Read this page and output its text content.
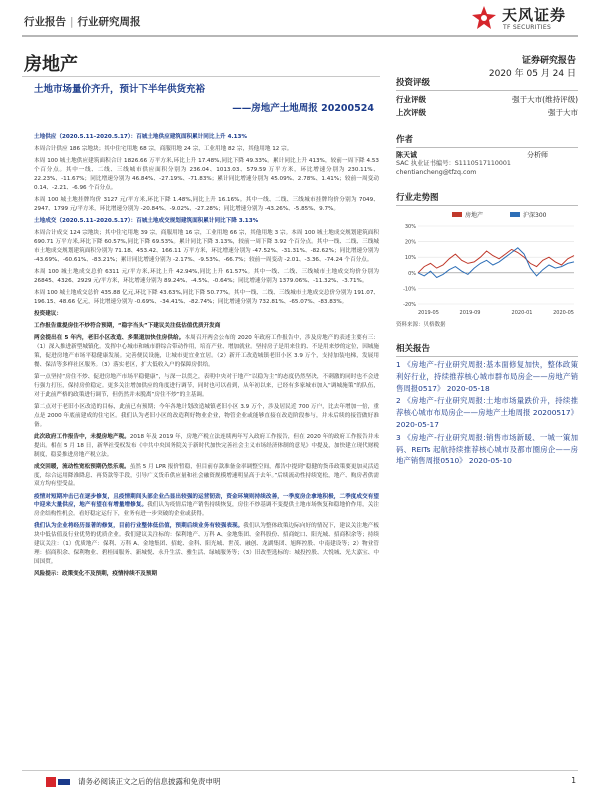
行业报告 | 行业研究周报	天风证券
TF SECURITIES
房地产	证券研究报告
2020 年 05 月 24 日
土地市场量价齐升，预计下半年供货充裕
——房地产土地周报 20200524

土地供应（2020.5.11–2020.5.17）：百城土地供应建筑面积累计同比上升 4.13%

本周合计供应 186 宗地块；其中住宅用地 68 宗，商服用地 24 宗，工业用地 82 宗，其他用地 12 宗。

本周 100 城土地供应建筑面积合计 1826.66 万平方米,环比上升 17.48%,同比下降 49.33%。累计同比上升 413%，较前一周下降 4.53 个百分点。其中一线、二线、三线城市供应面积分别为 236.04、1013.03、579.59 万平方米，环比增速分别为 230.11%、22.23%、-11.67%；同比增速分别为 46.84%、-27.19%、-71.83%；累计同比增速分别为 45.09%、2.78%、1.41%；较前一周变动 0.14、-2.21、-6.96 个百分点。

本周 100 城土地挂牌均价 3127 元/平方米,环比下降 1.48%,同比上升 16.16%。其中一线、二线、三线城市挂牌均价分别为 7049、2947、1799 元/平方米，环比增速分别为 -20.84%、-9.02%、-27.28%；同比增速分别为 -43.26%、-5.85%、9.7%。

土地成交（2020.5.11–2020.5.17）：百城土地成交规划建筑面积累计同比下降 3.13%

本周合计成交 124 宗地块；其中住宅用地 39 宗，商服用地 16 宗，工业用地 66 宗，其他用地 3 宗。本周 100 城土地成交规划建筑面积 690.71 万平方米,环比下降 60.57%,同比下降 69.53%。累计同比下降 3.13%，较前一周下降 3.92 个百分点。其中一线、二线、三线城市土地成交规划建筑面积分别为 71.18、453.42、166.11 万平方米，环比增速分别为 -47.52%、-31.31%、-82.62%；同比增速分别为 -43.69%、-60.61%、-83.21%；累计同比增速分别为 -2.17%、-9.53%、-66.7%；较前一周变动 -2.01、-3.36、-74.24 个百分点。

本周 100 城土地成交总价 6311 元/平方米,环比上升 42.94%,同比上升 61.57%。其中一线、二线、三线城市土地成交均价分别为 26845、4326、2929 元/平方米，环比增速分别为 89.24%、-4.5%、-0.64%；同比增速分别为 1379.06%、-11.32%、-3.71%。

本周 100 城土地成交总价 435.88 亿元,环比下降 43.63%,同比下降 50.77%。其中一线、二线、三线城市土地成交总价分别为 191.07、196.15、48.66 亿元，环比增速分别为 -0.69%、-34.41%、-82.74%；同比增速分别为 732.81%、-65.07%、-83.83%。

投资建议：

工作报告重提房住不炒符合预期，“稳字当头”下建议关注低估值优质开发商

两会提出在 5 年内，老旧小区改造、多渠道加快住房供给。本周召开两会公布的 2020 年政府工作报告中，涉及房地产的表述主要有三：（1）深入推进新型城镇化。发挥中心城市和城市群综合带动作用，培育产业、增加就业。坚持房子是用来住的、不是用来炒的定位，因城施策，促进房地产市场平稳健康发展。完善便民设施，让城市更宜业宜居。（2）新开工改造城镇老旧小区 3.9 万个，支持加装电梯，发展用餐、保洁等多样社区服务。（3）落实老区，扩大低收入户的保障房供给。

第一点坚持“房住不炒、促进房地产市场平稳健康”，与深一以贯之，表明中央对于地产“以稳为主”的态度仍然坚决，不刺激的同时也不会进行强力打压，保持房价稳定。更多关注增加供应的角度进行调节，同时也可以看到，从年初以来，已经有多家城市加入“调城施策”的队伍，对于此前严格的政策进行调节，但仍然并未脱离“房住不炒”的主基调。

第二点对于老旧小区改造的目标，此前已有预期；今年各地计划改造城镇老旧小区 3.9 万个，涉及居民近 700 万户，比去年增加一倍，重点是 2000 年底前建成的住宅区。我们认为老旧小区的改造利好物业企业，物管企业或能够直接在改造阶段参与，并未后续的接管做好准备。

此次政府工作报告中，未提房地产税。2018 年及 2019 年，房地产税立法连续两年写入政府工作报告，但在 2020 年的政府工作报告并未提出。相在 5 月 18 日，新华社受权发布《中共中央国务院关于新时代加快完善社会主义市场经济体制的意见》中提及，加快建立现代财税制度，稳妥推进房地产税立法。

成交回暖，流动性宽松预期仍然乐观。虽然 5 月 LPR 报价暂稳，但目前存款准备金率调整空间，都告中提到“稳健的货币政策要更加灵活适度，综合运用降准降息、再贷款等手段，引导广义货币供应量和社会融资规模增速明显高于去年。”后续流动性持续宽松，地产、购房者供需双方均有望受益。

疫情对短期冲击已在逐步修复，且疫情期间头部企业凸显出较强的运营韧劲，资金环境则持续改善，一季度房企拿地积极，二季度成交有望中迎来大量供应，地产有望在有增量增修复。我们认为疫情后地产销售持续恢复，房住不炒基调不变提供土地市场恢复和稳地价作用，关注房企结构性机会。看好稳定运行下，业务有进一步突破的企业或获得。

我们认为企业将经历显著的修复，目前行业整体低估值，预期后续业务有较强表现。我们认为整体政策边际向好的情况下，建议关注地产板块中低估值及行业优势的优质企业。我们建议关注标的：保利地产、万科 A、金地集团、金科股份、招商蛇口、阳光城、招商积余等；持续建议关注：（1）优质地产：保利、万科 A、金地集团、招蛇、金科、阳光城、世茂、融创、龙湖集团、旭辉控股、中南建设等；2）物业管理：招商积余、保利物业、碧桂园服务、新城悦、永升生活、雅生活、绿城服务等；（3）旧改型选标的：城投控股、大悦城、光大嘉宝、中国国贸。

风险提示：政策变化不及预期，疫情持续不及预期

投资评级
行业评级	强于大市(维持评级)
上次评级	强于大市
作者
陈天诚	分析师
SAC 执业证书编号：S1110517110001
chentiancheng@tfzq.com
行业走势图
30%
20%
10%
0%
-10%
-20%
2019-05	2019-09	2020-01	2020-05
房地产	沪深300
资料来源：贝格数据
相关报告
1 《房地产-行业研究周报:基本面修复加快，整体政策利好行业，持续推荐核心城市群布局房企——房地产销售周报0517》 2020-05-18
2 《房地产-行业研究周报:土地市场量跌价升，持续推荐核心城市布局房企——房地产土地周报 20200517》 2020-05-17
3 《房地产-行业研究周报:销售市场新暖、一城一策加码、REITs 起航持续推荐核心城市及都市圈房企——房地产销售周报0510》 2020-05-10
请务必阅读正文之后的信息披露和免责申明	1
